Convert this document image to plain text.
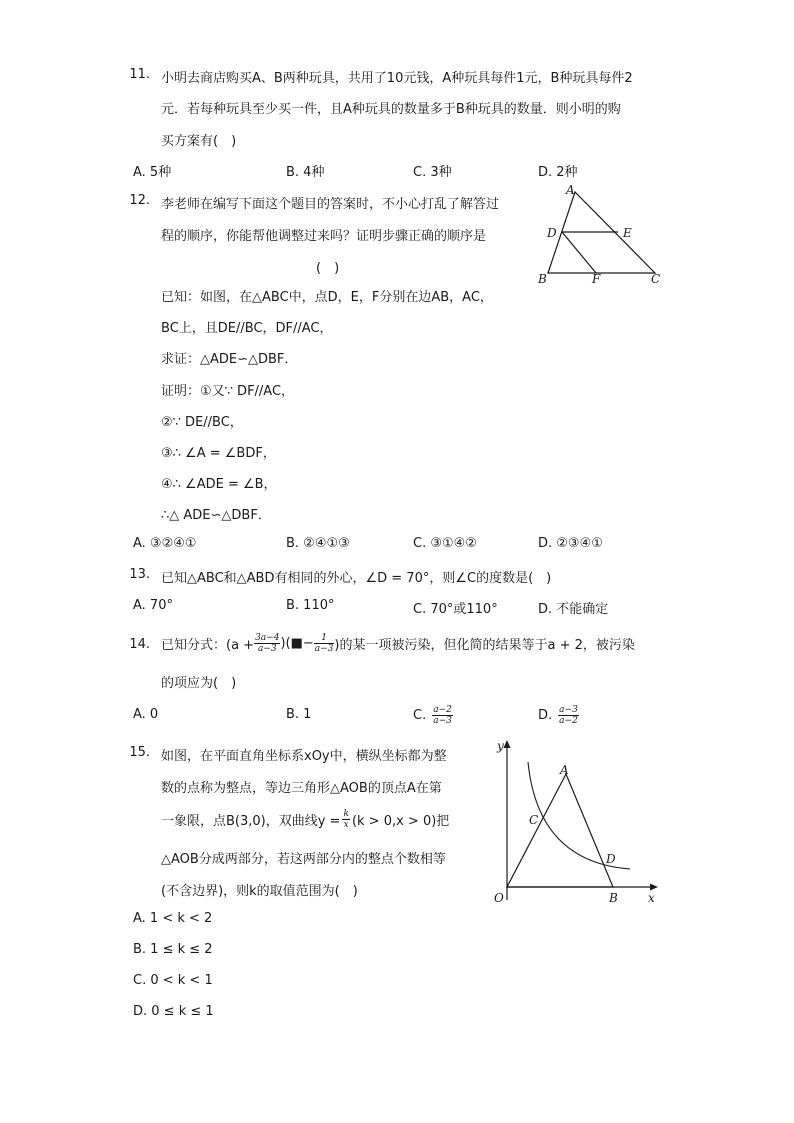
11. 小明去商店购买A、B两种玩具，共用了10元钱，A种玩具每件1元，B种玩具每件2
元．若每种玩具至少买一件，且A种玩具的数量多于B种玩具的数量．则小明的购
买方案有(　)
A. 5种	B. 4种	C. 3种	D. 2种
12. 李老师在编写下面这个题目的答案时，不小心打乱了解答过
程的顺序，你能帮他调整过来吗？证明步骤正确的顺序是
(　)
已知：如图，在△ABC中，点D，E，F分别在边AB，AC，
BC上，且DE//BC，DF//AC，
求证：△ADE∽△DBF．
证明：①又∵ DF//AC，
②∵ DE//BC，
③∴ ∠A = ∠BDF，
④∴ ∠ADE = ∠B，
∴△ ADE∽△DBF．
A. ③②④①	B. ②④①③	C. ③①④②	D. ②③④①
A
D	E
B	F	C
13. 已知△ABC和△ABD有相同的外心，∠D = 70°，则∠C的度数是(　)
A. 70°	B. 110°	C. 70°或110°	D. 不能确定
14. 已知分式：($a + \frac{3a-4}{a-3}$ )(■− $\frac{1}{a-3}$ )的某一项被污染，但化简的结果等于a + 2，被污染
的项应为(　)
A. 0	B. 1	C. $\frac{a-2}{a-3}$	D. $\frac{a-3}{a-2}$
15. 如图，在平面直角坐标系xOy中，横纵坐标都为整
数的点称为整点，等边三角形△AOB的顶点A在第
一象限，点B(3,0)，双曲线$y = \frac{k}{x} (k > 0,x > 0)$把
△AOB分成两部分，若这两部分内的整点个数相等
(不含边界)，则k的取值范围为(　)
A. 1 < k < 2
B. 1 ≤ k ≤ 2
C. 0 < k < 1
D. 0 ≤ k ≤ 1
y
x
O
A
B
C
D
